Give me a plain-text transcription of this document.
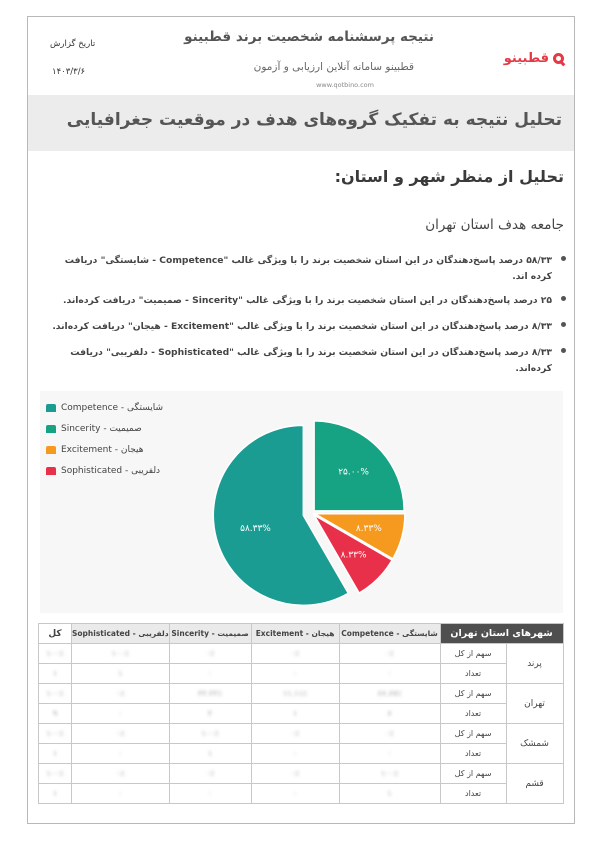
نتیجه پرسشنامه شخصیت برند قطبینو
قطبینو سامانه آنلاین ارزیابی و آزمون
www.qotbino.com
تاریخ گزارش
۱۴۰۳/۳/۶
قطبینو
تحلیل نتیجه به تفکیک گروه‌های هدف در موقعیت جغرافیایی
تحلیل از منظر شهر و استان:
جامعه هدف استان تهران
۵۸/۳۳ درصد پاسخ‌دهندگان در این استان شخصیت برند را با ویژگی غالب "Competence - شایستگی" دریافت کرده اند.
۲۵ درصد پاسخ‌دهندگان در این استان شخصیت برند را با ویژگی غالب "Sincerity - صمیمیت" دریافت کرده‌اند.
۸/۳۳ درصد پاسخ‌دهندگان در این استان شخصیت برند را با ویژگی غالب "Excitement - هیجان" دریافت کرده‌اند.
۸/۳۳ درصد پاسخ‌دهندگان در این استان شخصیت برند را با ویژگی غالب "Sophisticated - دلفریبی" دریافت کرده‌اند.
Competence - شایستگی
Sincerity - صمیمیت
Excitement - هیجان
Sophisticated - دلفریبی
۵۸.۳۳%
۲۵.۰۰%
۸.۳۳%
۸.۳۳%
شهرهای استان تهران		شایستگی - Competence	هیجان - Excitement	صمیمیت - Sincerity	دلفریبی - Sophisticated	کل
پرند	سهم از کل	۰٪	۰٪	۰٪	۱۰۰٪	۱۰۰٪
	تعداد	۰	۰	۰	۱	۱
تهران	سهم از کل	۶۶.۶۷٪	۱۱.۱۱٪	۲۲.۲۲٪	۰٪	۱۰۰٪
	تعداد	۶	۱	۲	۰	۹
شمشک	سهم از کل	۰٪	۰٪	۱۰۰٪	۰٪	۱۰۰٪
	تعداد	۰	۰	۱	۰	۱
قشم	سهم از کل	۱۰۰٪	۰٪	۰٪	۰٪	۱۰۰٪
	تعداد	۱	۰	۰	۰	۱
